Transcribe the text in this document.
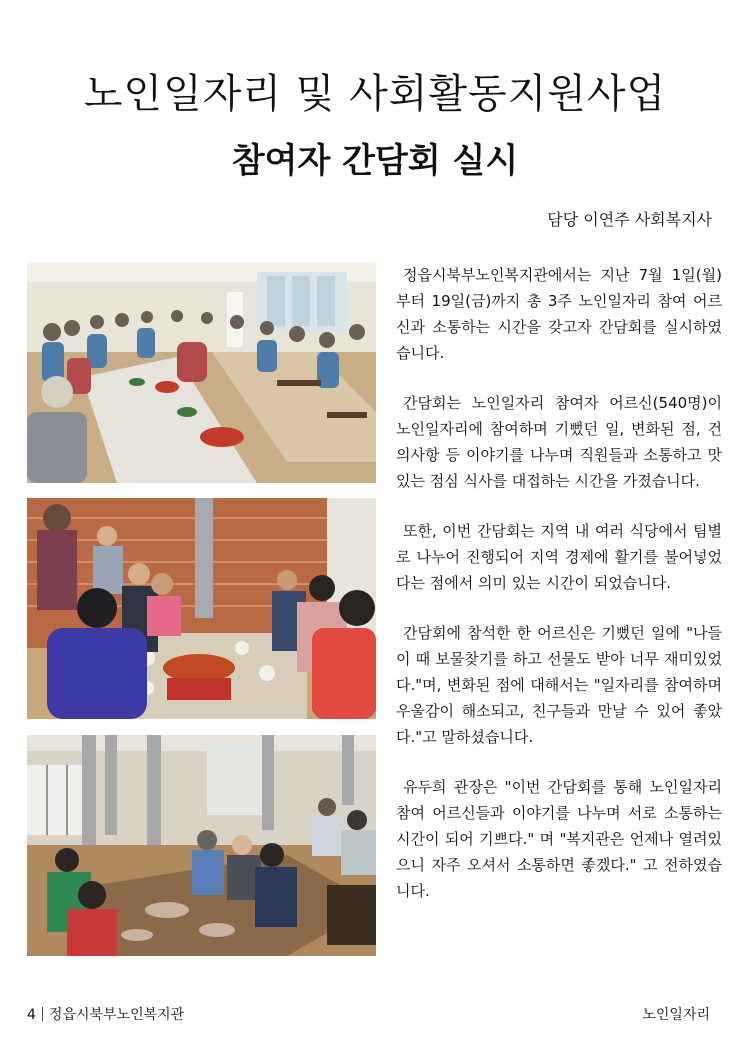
노인일자리 및 사회활동지원사업
참여자 간담회 실시
담당 이연주 사회복지사

정읍시북부노인복지관에서는 지난 7월 1일(월)부터 19일(금)까지 총 3주 노인일자리 참여 어르신과 소통하는 시간을 갖고자 간담회를 실시하였습니다.

간담회는 노인일자리 참여자 어르신(540명)이 노인일자리에 참여하며 기뻤던 일, 변화된 점, 건의사항 등 이야기를 나누며 직원들과 소통하고 맛있는 점심 식사를 대접하는 시간을 가졌습니다.

또한, 이번 간담회는 지역 내 여러 식당에서 팀별로 나누어 진행되어 지역 경제에 활기를 불어넣었다는 점에서 의미 있는 시간이 되었습니다.

간담회에 참석한 한 어르신은 기뻤던 일에 "나들이 때 보물찾기를 하고 선물도 받아 너무 재미있었다."며, 변화된 점에 대해서는 "일자리를 참여하며 우울감이 해소되고, 친구들과 만날 수 있어 좋았다."고 말하셨습니다.

유두희 관장은 "이번 간담회를 통해 노인일자리 참여 어르신들과 이야기를 나누며 서로 소통하는 시간이 되어 기쁘다." 며 "복지관은 언제나 열려있으니 자주 오셔서 소통하면 좋겠다." 고 전하였습니다.

4 정읍시북부노인복지관	노인일자리
